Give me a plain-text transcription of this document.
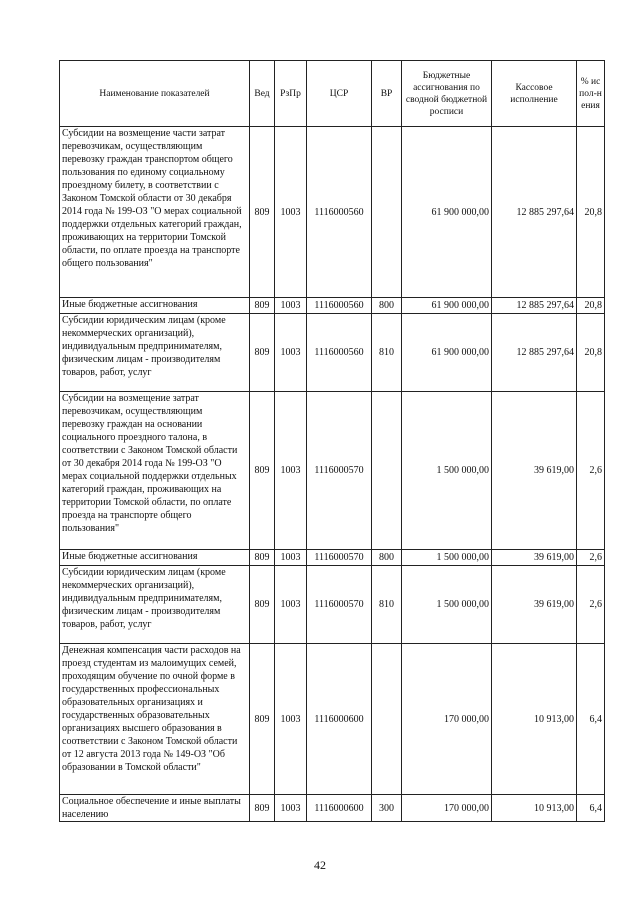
Наименование показателей	Вед	РзПр	ЦСР	ВР	Бюджетные ассигнования по сводной бюджетной росписи	Кассовое исполнение	% испол-нения
Субсидии на возмещение части затрат перевозчикам, осуществляющим перевозку граждан транспортом общего пользования по единому социальному проездному билету, в соответствии с Законом Томской области от 30 декабря 2014 года № 199-ОЗ "О мерах социальной поддержки отдельных категорий граждан, проживающих на территории Томской области, по оплате проезда на транспорте общего пользования"	809	1003	1116000560		61 900 000,00	12 885 297,64	20,8
Иные бюджетные ассигнования	809	1003	1116000560	800	61 900 000,00	12 885 297,64	20,8
Субсидии юридическим лицам (кроме некоммерческих организаций), индивидуальным предпринимателям, физическим лицам - производителям товаров, работ, услуг	809	1003	1116000560	810	61 900 000,00	12 885 297,64	20,8
Субсидии на возмещение затрат перевозчикам, осуществляющим перевозку граждан на основании социального проездного талона, в соответствии с Законом Томской области от 30 декабря 2014 года № 199-ОЗ "О мерах социальной поддержки отдельных категорий граждан, проживающих на территории Томской области, по оплате проезда на транспорте общего пользования"	809	1003	1116000570		1 500 000,00	39 619,00	2,6
Иные бюджетные ассигнования	809	1003	1116000570	800	1 500 000,00	39 619,00	2,6
Субсидии юридическим лицам (кроме некоммерческих организаций), индивидуальным предпринимателям, физическим лицам - производителям товаров, работ, услуг	809	1003	1116000570	810	1 500 000,00	39 619,00	2,6
Денежная компенсация части расходов на проезд студентам из малоимущих семей, проходящим обучение по очной форме в государственных профессиональных образовательных организациях и государственных образовательных организациях высшего образования в соответствии с Законом Томской области от 12 августа 2013 года № 149-ОЗ "Об образовании в Томской области"	809	1003	1116000600		170 000,00	10 913,00	6,4
Социальное обеспечение и иные выплаты населению	809	1003	1116000600	300	170 000,00	10 913,00	6,4
42
